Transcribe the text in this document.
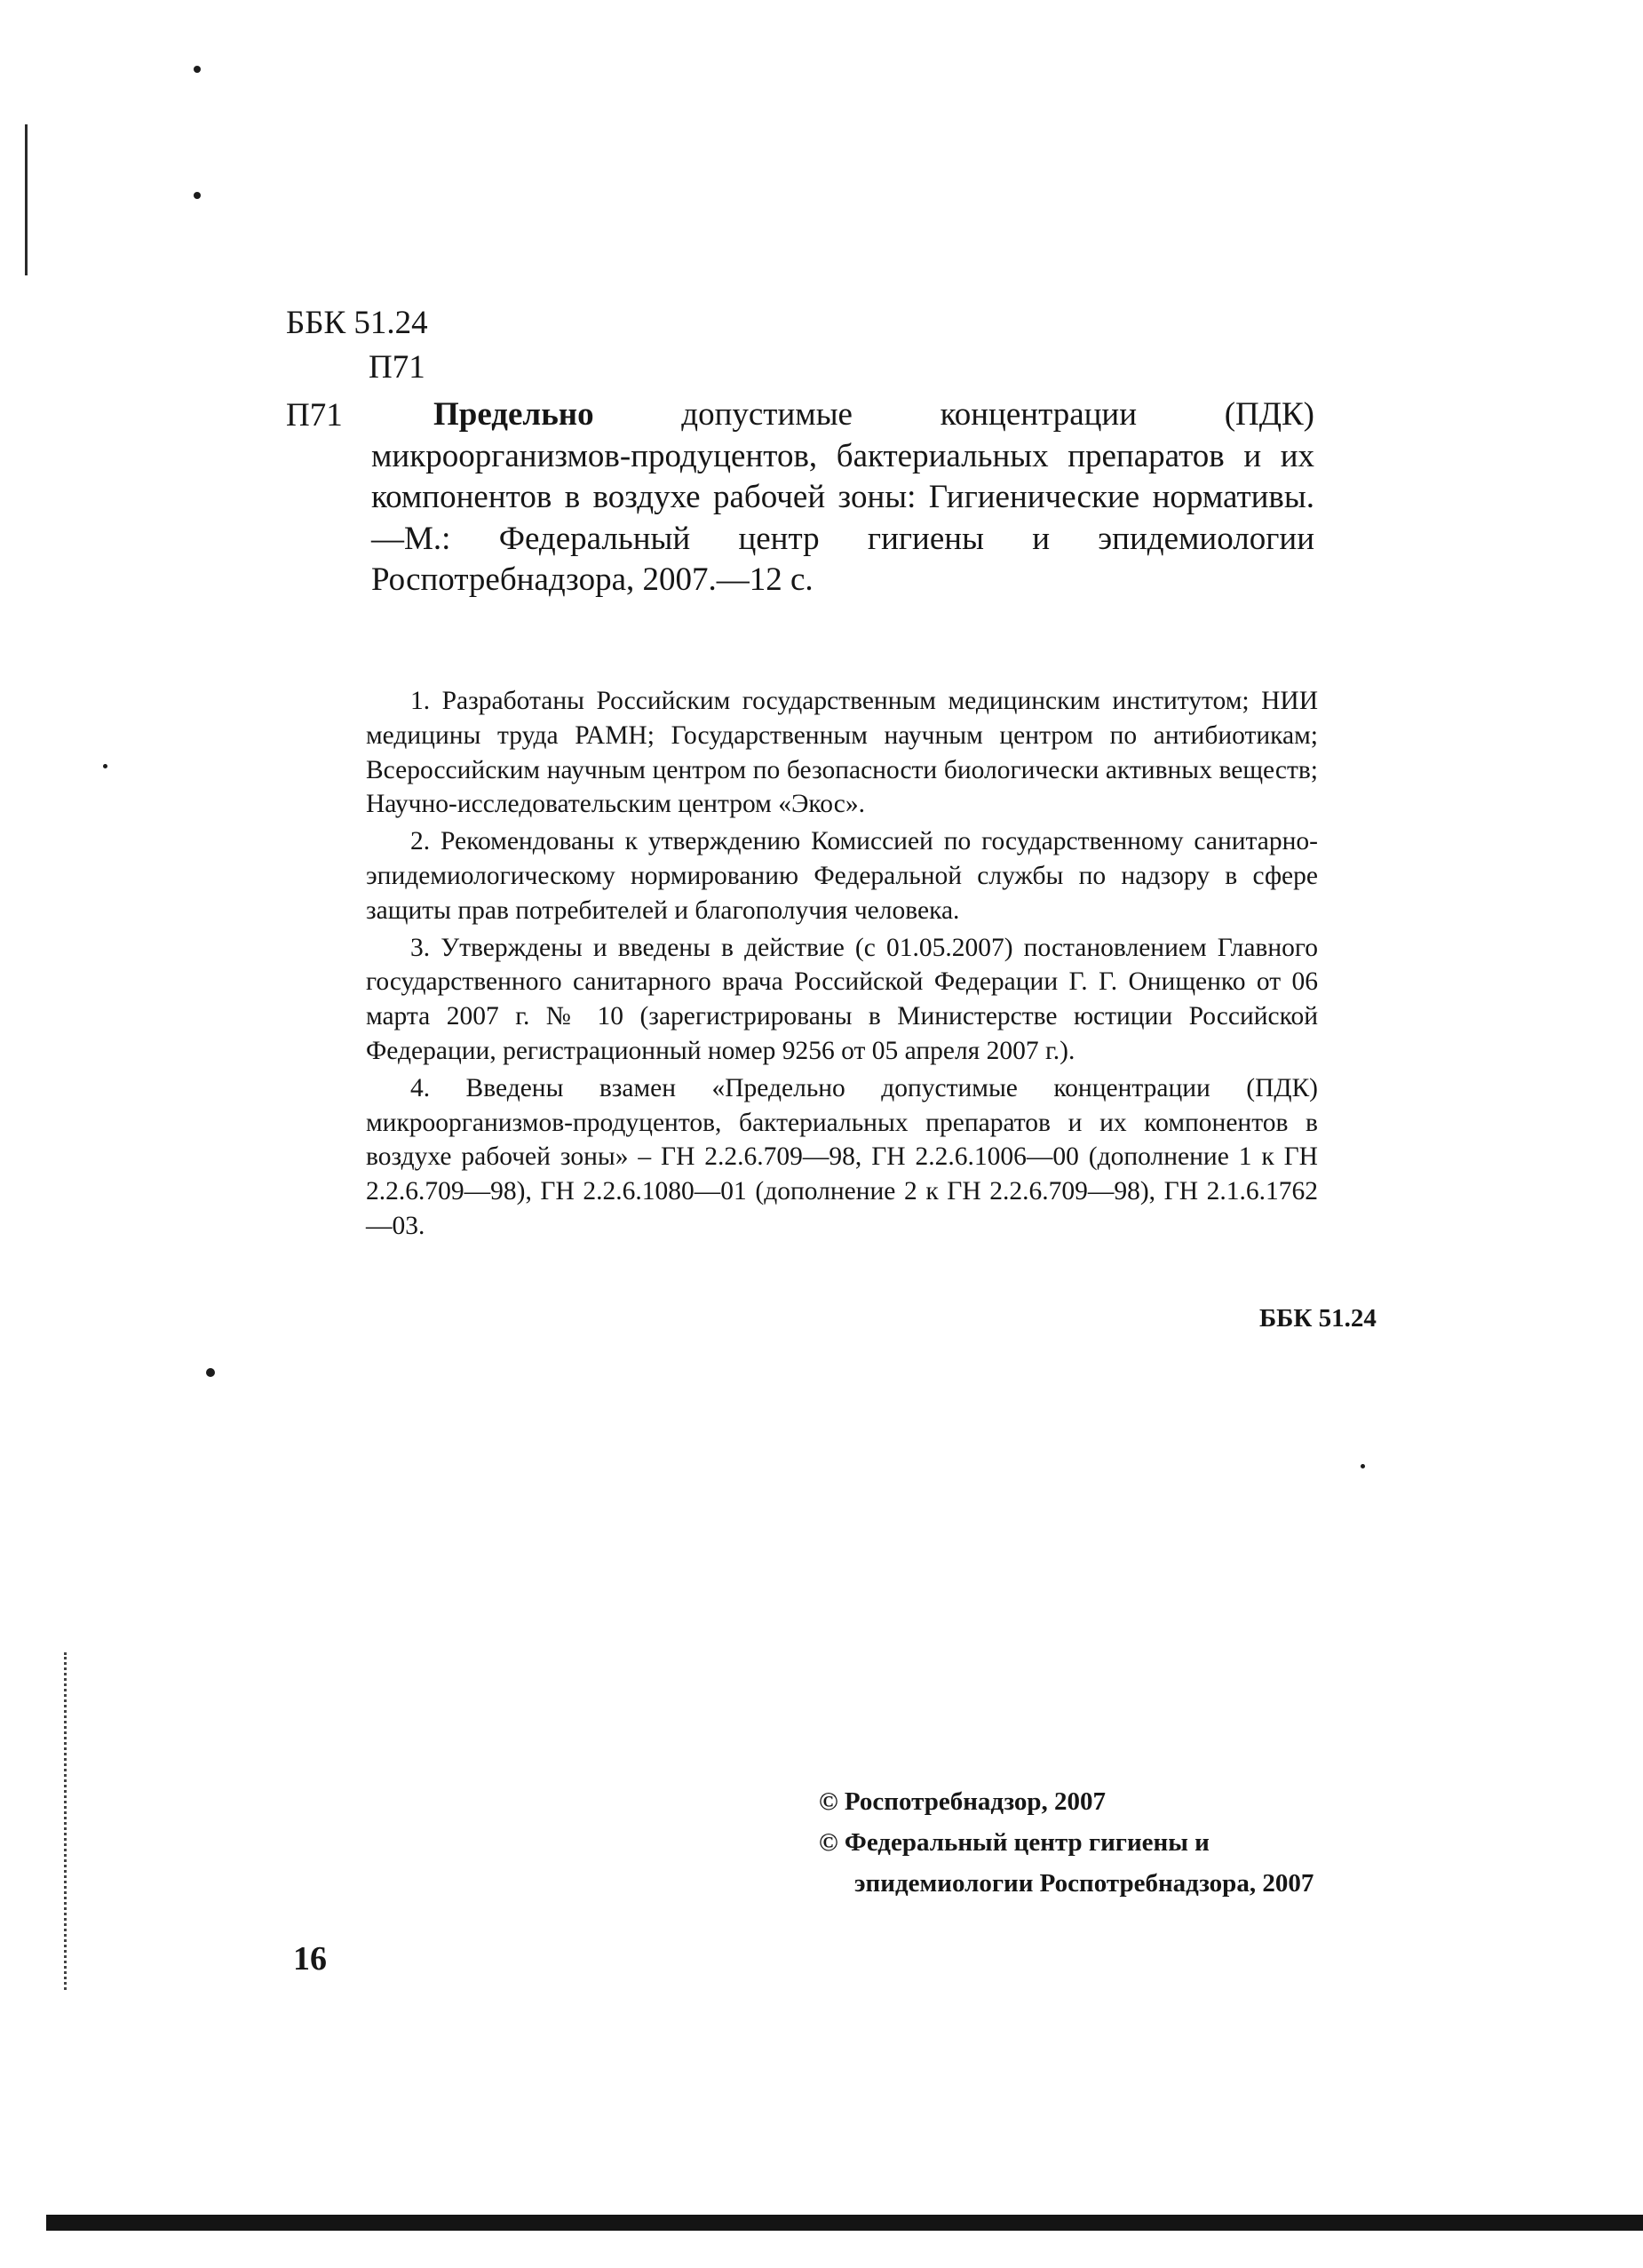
ББК 51.24
П71
П71	Предельно допустимые концентрации (ПДК) микроорганизмов-продуцентов, бактериальных препаратов и их компонентов в воздухе рабочей зоны: Гигиенические нормативы.—М.: Федеральный центр гигиены и эпидемиологии Роспотребнадзора, 2007.—12 с.

1. Разработаны Российским государственным медицинским институтом; НИИ медицины труда РАМН; Государственным научным центром по антибиотикам; Всероссийским научным центром по безопасности биологически активных веществ; Научно-исследовательским центром «Экос».

2. Рекомендованы к утверждению Комиссией по государственному санитарно-эпидемиологическому нормированию Федеральной службы по надзору в сфере защиты прав потребителей и благополучия человека.

3. Утверждены и введены в действие (с 01.05.2007) постановлением Главного государственного санитарного врача Российской Федерации Г. Г. Онищенко от 06 марта 2007 г. № 10 (зарегистрированы в Министерстве юстиции Российской Федерации, регистрационный номер 9256 от 05 апреля 2007 г.).

4. Введены взамен «Предельно допустимые концентрации (ПДК) микроорганизмов-продуцентов, бактериальных препаратов и их компонентов в воздухе рабочей зоны» – ГН 2.2.6.709—98, ГН 2.2.6.1006—00 (дополнение 1 к ГН 2.2.6.709—98), ГН 2.2.6.1080—01 (дополнение 2 к ГН 2.2.6.709—98), ГН 2.1.6.1762—03.

ББК 51.24
© Роспотребнадзор, 2007
© Федеральный центр гигиены и
эпидемиологии Роспотребнадзора, 2007
16
